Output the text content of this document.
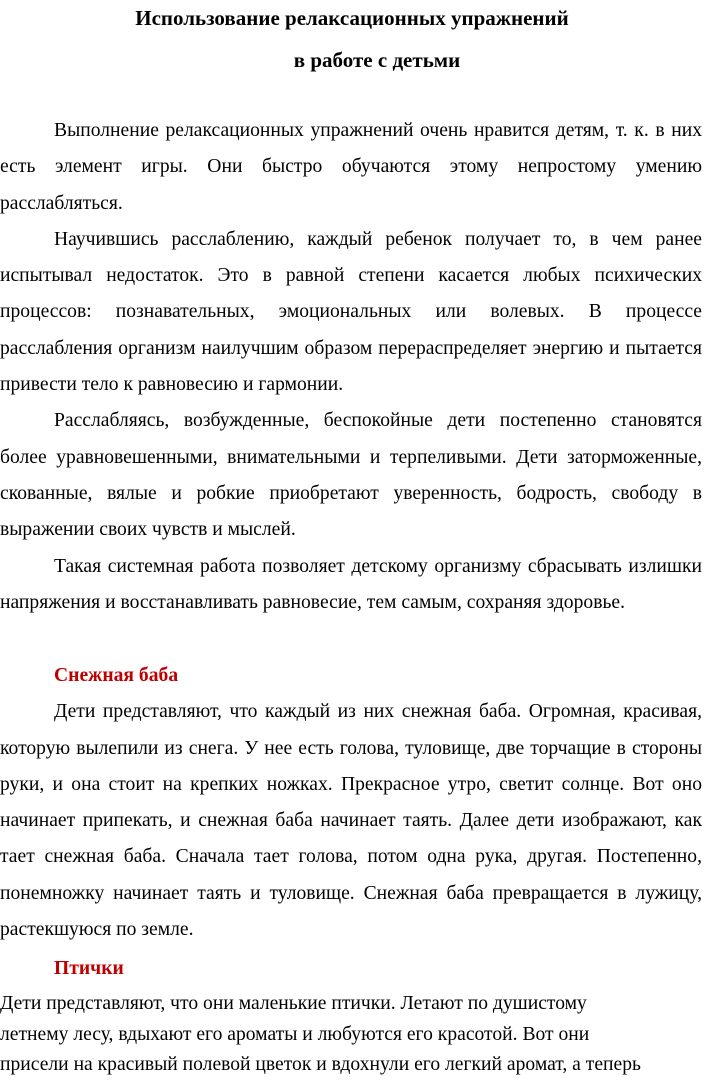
Использование релаксационных упражнений
в работе с детьми

Выполнение релаксационных упражнений очень нравится детям, т. к. в них есть элемент игры. Они быстро обучаются этому непростому умению расслабляться.

Научившись расслаблению, каждый ребенок получает то, в чем ранее испытывал недостаток. Это в равной степени касается любых психических процессов: познавательных, эмоциональных или волевых. В процессе расслабления организм наилучшим образом перераспределяет энергию и пытается привести тело к равновесию и гармонии.

Расслабляясь, возбужденные, беспокойные дети постепенно становятся более уравновешенными, внимательными и терпеливыми. Дети заторможенные, скованные, вялые и робкие приобретают уверенность, бодрость, свободу в выражении своих чувств и мыслей.

Такая системная работа позволяет детскому организму сбрасывать излишки напряжения и восстанавливать равновесие, тем самым, сохраняя здоровье.

Снежная баба

Дети представляют, что каждый из них снежная баба. Огромная, красивая, которую вылепили из снега. У нее есть голова, туловище, две торчащие в стороны руки, и она стоит на крепких ножках. Прекрасное утро, светит солнце. Вот оно начинает припекать, и снежная баба начинает таять. Далее дети изображают, как тает снежная баба. Сначала тает голова, потом одна рука, другая. Постепенно, понемножку начинает таять и туловище. Снежная баба превращается в лужицу, растекшуюся по земле.

Птички

Дети представляют, что они маленькие птички. Летают по душистому

летнему лесу, вдыхают его ароматы и любуются его красотой. Вот они

присели на красивый полевой цветок и вдохнули его легкий аромат, а теперь
